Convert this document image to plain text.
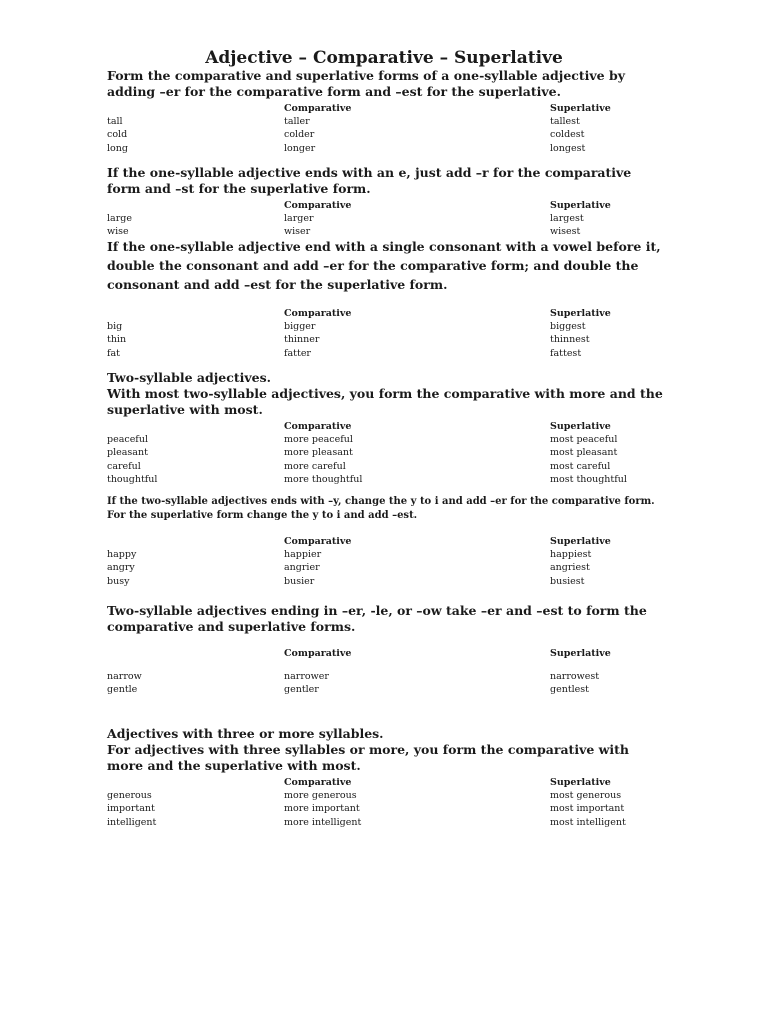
Adjective – Comparative – Superlative

Form the comparative and superlative forms of a one-syllable adjective by adding –er for the comparative form and –est for the superlative.

Comparative	Superlative
tall	taller	tallest
cold	colder	coldest
long	longer	longest

If the one-syllable adjective ends with an e, just add –r for the comparative form and –st for the superlative form.

Comparative	Superlative
large	larger	largest
wise	wiser	wisest

If the one-syllable adjective end with a single consonant with a vowel before it, double the consonant and add –er for the comparative form; and double the consonant and add –est for the superlative form.

Comparative	Superlative
big	bigger	biggest
thin	thinner	thinnest
fat	fatter	fattest

Two-syllable adjectives.

With most two-syllable adjectives, you form the comparative with more and the superlative with most.

Comparative	Superlative
peaceful	more peaceful	most peaceful
pleasant	more pleasant	most pleasant
careful	more careful	most careful
thoughtful	more thoughtful	most thoughtful

If the two-syllable adjectives ends with –y, change the y to i and add –er for the comparative form. For the superlative form change the y to i and add –est.

Comparative	Superlative
happy	happier	happiest
angry	angrier	angriest
busy	busier	busiest

Two-syllable adjectives ending in –er, -le, or –ow take –er and –est to form the comparative and superlative forms.

Comparative	Superlative
narrow	narrower	narrowest
gentle	gentler	gentlest

Adjectives with three or more syllables.

For adjectives with three syllables or more, you form the comparative with more and the superlative with most.

Comparative	Superlative
generous	more generous	most generous
important	more important	most important
intelligent	more intelligent	most intelligent
